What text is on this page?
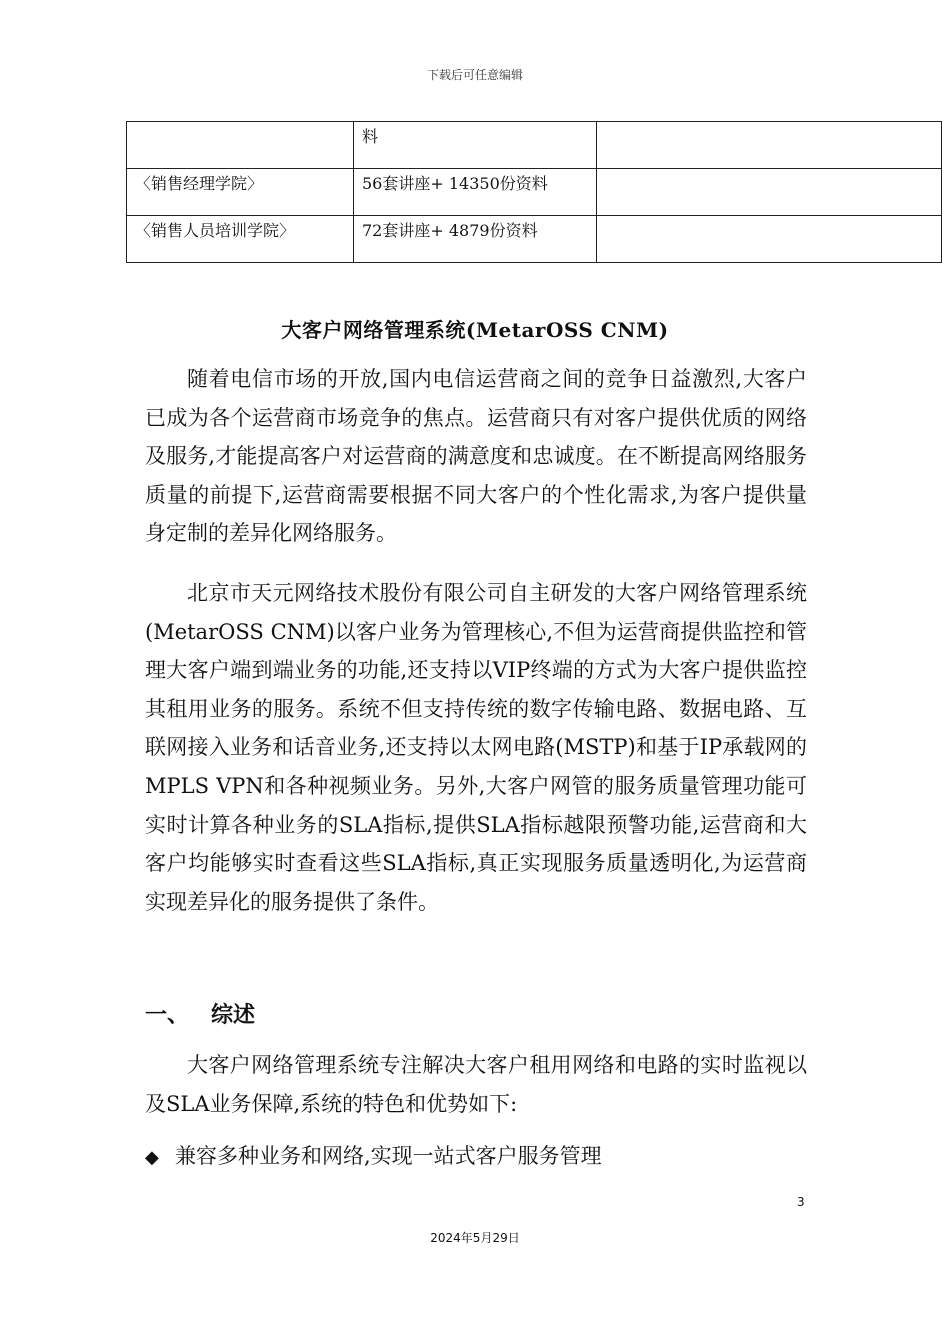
下载后可任意编辑
	料	
〈销售经理学院〉	56套讲座+ 14350份资料	
〈销售人员培训学院〉	72套讲座+ 4879份资料	
大客户网络管理系统(MetarOSS CNM)

随着电信市场的开放,国内电信运营商之间的竞争日益激烈,大客户已成为各个运营商市场竞争的焦点。运营商只有对客户提供优质的网络及服务,才能提高客户对运营商的满意度和忠诚度。在不断提高网络服务质量的前提下,运营商需要根据不同大客户的个性化需求,为客户提供量身定制的差异化网络服务。

北京市天元网络技术股份有限公司自主研发的大客户网络管理系统(MetarOSS CNM)以客户业务为管理核心,不但为运营商提供监控和管理大客户端到端业务的功能,还支持以VIP终端的方式为大客户提供监控其租用业务的服务。系统不但支持传统的数字传输电路、数据电路、互联网接入业务和话音业务,还支持以太网电路(MSTP)和基于IP承载网的MPLS VPN和各种视频业务。另外,大客户网管的服务质量管理功能可实时计算各种业务的SLA指标,提供SLA指标越限预警功能,运营商和大客户均能够实时查看这些SLA指标,真正实现服务质量透明化,为运营商实现差异化的服务提供了条件。

一、 综述

大客户网络管理系统专注解决大客户租用网络和电路的实时监视以及SLA业务保障,系统的特色和优势如下:

◆ 兼容多种业务和网络,实现一站式客户服务管理
3
2024年5月29日
